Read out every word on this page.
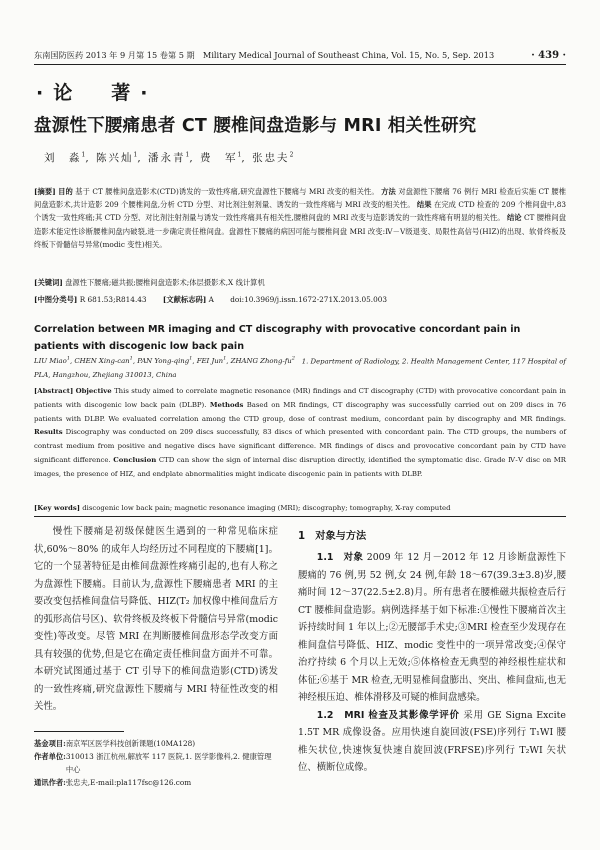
东南国防医药 2013 年 9 月第 15 卷第 5 期　Military Medical Journal of Southeast China, Vol. 15, No. 5, Sep. 2013	· 439 ·
·论　著·
盘源性下腰痛患者 CT 腰椎间盘造影与 MRI 相关性研究
刘　淼$^1$, 陈兴灿$^1$, 潘永青$^1$, 费　军$^1$, 张忠夫$^2$
[摘要] 目的 基于 CT 腰椎间盘造影术(CTD)诱发的一致性疼痛,研究盘源性下腰痛与 MRI 改变的相关性。 方法 对盘源性下腰痛 76 例行 MRI 检查后实施 CT 腰椎间盘造影术,共计造影 209 个腰椎间盘,分析 CTD 分型、对比剂注射剂量、诱发的一致性疼痛与 MRI 改变的相关性。 结果 在完成 CTD 检查的 209 个椎间盘中,83 个诱发一致性疼痛;其 CTD 分型、对比剂注射剂量与诱发一致性疼痛具有相关性,腰椎间盘的 MRI 改变与造影诱发的一致性疼痛有明显的相关性。 结论 CT 腰椎间盘造影术能定性诊断腰椎间盘内破裂,进一步确定责任椎间盘。盘源性下腰痛的病因可能与腰椎间盘 MRI 改变:Ⅳ－Ⅴ级退变、局限性高信号(HIZ)的出现、软骨终板及终板下骨髓信号异常(modic 变性)相关。
[关键词] 盘源性下腰痛;磁共振;腰椎间盘造影术;体层摄影术,X 线计算机
[中图分类号] R 681.53;R814.43 [文献标志码] A doi:10.3969/j.issn.1672-271X.2013.05.003
Correlation between MR imaging and CT discography with provocative concordant pain in patients with discogenic low back pain
LIU Miao$^1$, CHEN Xing-can$^1$, PAN Yong-qing$^1$, FEI Jun$^1$, ZHANG Zhong-$fu^2$　 1. Department of Radiology, 2. Health Management Center, 117 Hospital of PLA, Hangzhou, Zhejiang 310013, China
[Abstract] Objective This study aimed to correlate magnetic resonance (MR) findings and CT discography (CTD) with provocative concordant pain in patients with discogenic low back pain (DLBP). Methods Based on MR findings, CT discography was successfully carried out on 209 discs in 76 patients with DLBP. We evaluated correlation among the CTD group, dose of contrast medium, concordant pain by discography and MR findings. Results Discography was conducted on 209 discs successfully, 83 discs of which presented with concordant pain. The CTD groups, the numbers of contrast medium from positive and negative discs have significant difference. MR findings of discs and provocative concordant pain by CTD have significant difference. Conclusion CTD can show the sign of internal disc disruption directly, identified the symptomatic disc. Grade Ⅳ-Ⅴ disc on MR images, the presence of HIZ, and endplate abnormalities might indicate discogenic pain in patients with DLBP.
[Key words] discogenic low back pain; magnetic resonance imaging (MRI); discography; tomography, X-ray computed

慢性下腰痛是初级保健医生遇到的一种常见临床症状,60%～80% 的成年人均经历过不同程度的下腰痛[1]。它的一个显著特征是由椎间盘源性疼痛引起的,也有人称之为盘源性下腰痛。目前认为,盘源性下腰痛患者 MRI 的主要改变包括椎间盘信号降低、HIZ(T₂ 加权像中椎间盘后方的弧形高信号区)、软骨终板及终板下骨髓信号异常(modic 变性)等改变。尽管 MRI 在判断腰椎间盘形态学改变方面具有较强的优势,但是它在确定责任椎间盘方面并不可靠。本研究试图通过基于 CT 引导下的椎间盘造影(CTD)诱发的一致性疼痛,研究盘源性下腰痛与 MRI 特征性改变的相关性。

基金项目: 南京军区医学科技创新课题(10MA128)
作者单位: 310013 浙江杭州,解放军 117 医院,1. 医学影像科,2. 健康管理中心
通讯作者: 张忠夫,E-mail:pla117fsc@126.com
1　对象与方法

1.1　对象 2009 年 12 月－2012 年 12 月诊断盘源性下腰痛的 76 例,男 52 例,女 24 例,年龄 18～67(39.3±3.8)岁,腰痛时间 12～37(22.5±2.8)月。所有患者在腰椎磁共振检查后行 CT 腰椎间盘造影。病例选择基于如下标准:①慢性下腰痛首次主诉持续时间 1 年以上;②无腰部手术史;③MRI 检查至少发现存在椎间盘信号降低、HIZ、modic 变性中的一项异常改变;④保守治疗持续 6 个月以上无效;⑤体格检查无典型的神经根性症状和体征;⑥基于 MR 检查,无明显椎间盘膨出、突出、椎间盘疝,也无神经根压迫、椎体滑移及可疑的椎间盘感染。

1.2　MRI 检查及其影像学评价 采用 GE Signa Excite 1.5T MR 成像设备。应用快速自旋回波(FSE)序列行 T₁WI 腰椎矢状位,快速恢复快速自旋回波(FRFSE)序列行 T₂WI 矢状位、横断位成像。
